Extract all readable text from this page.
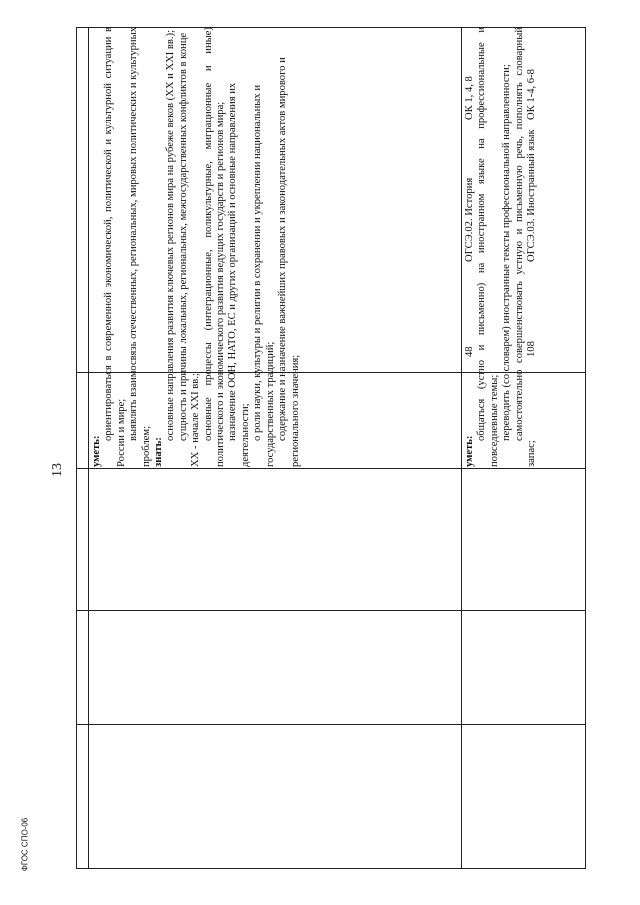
13
ФГОС СПО-06

уметь:

ориентироваться в современной экономической, политической и культурной ситуации в России и мире; выявлять взаимосвязь отечественных, региональных, мировых политических и культурных проблем; знать:

основные направления развития ключевых регионов мира на рубеже веков (XX и XXI вв.); сущность и причины локальных, региональных, межгосударственных конфликтов в конце XX - начале XXI вв.; основные процессы (интеграционные, поликультурные, миграционные и иные) политического и экономического развития ведущих государств и регионов мира; назначение ООН, НАТО, ЕС и других организаций и основные направления их деятельности; о роли науки, культуры и религии в сохранении и укреплении национальных и государственных традиций; содержание и назначение важнейших правовых и законодательных актов мирового и регионального значения;

48
ОГСЭ.02. История
ОК 1, 4, 8

уметь:

общаться (устно и письменно) на иностранном языке на профессиональные и повседневные темы; переводить (со словарем) иностранные тексты профессиональной направленности; самостоятельно совершенствовать устную и письменную речь, пополнять словарный запас;

108
ОГСЭ.03. Иностранный язык
ОК 1-4, 6-8
